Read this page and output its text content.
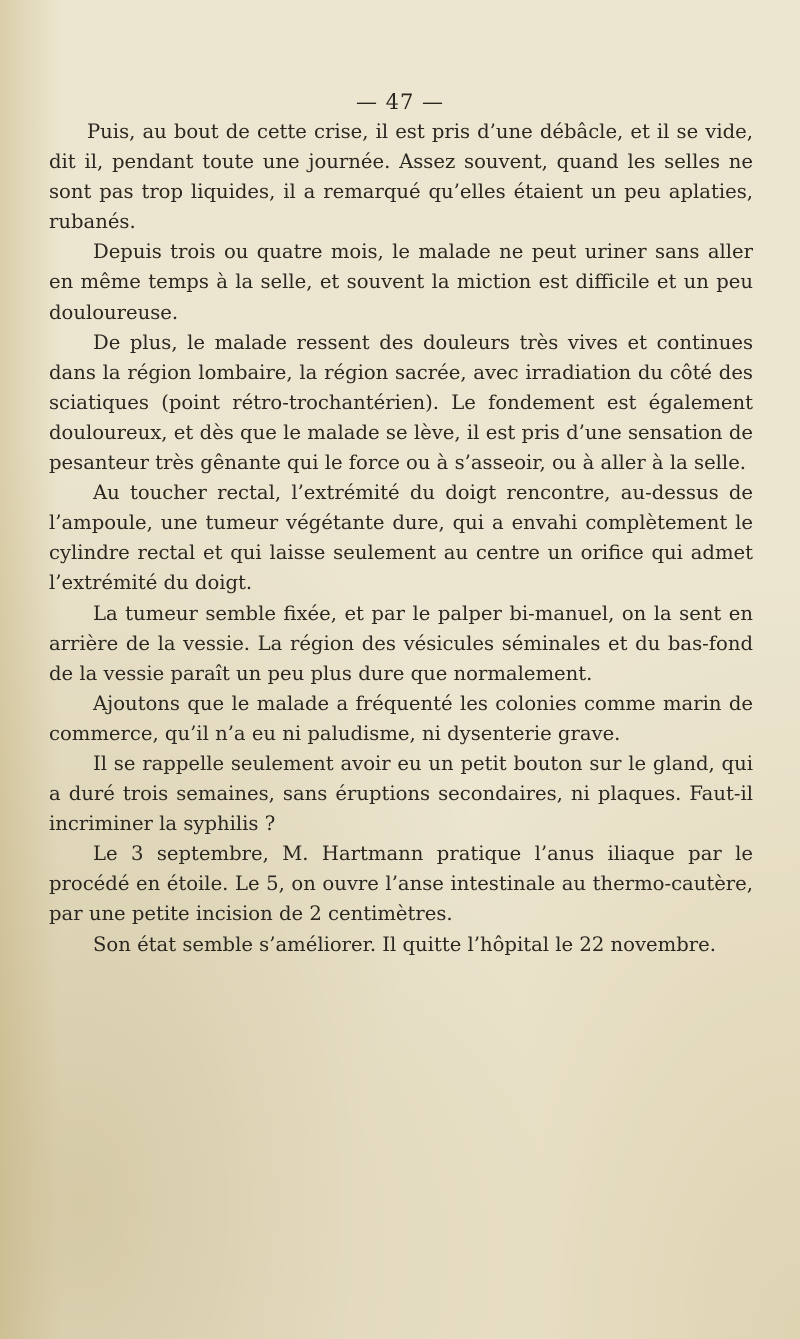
— 47 —

Puis, au bout de cette crise, il est pris d’une débâcle, et il se vide, dit il, pendant toute une journée. Assez souvent, quand les selles ne sont pas trop liquides, il a remarqué qu’elles étaient un peu aplaties, rubanés.

Depuis trois ou quatre mois, le malade ne peut uriner sans aller en même temps à la selle, et souvent la miction est difficile et un peu douloureuse.

De plus, le malade ressent des douleurs très vives et continues dans la région lombaire, la région sacrée, avec irradiation du côté des sciatiques (point rétro-trochantérien). Le fondement est également douloureux, et dès que le malade se lève, il est pris d’une sensation de pesanteur très gênante qui le force ou à s’asseoir, ou à aller à la selle.

Au toucher rectal, l’extrémité du doigt rencontre, au-dessus de l’ampoule, une tumeur végétante dure, qui a envahi complètement le cylindre rectal et qui laisse seulement au centre un orifice qui admet l’extrémité du doigt.

La tumeur semble fixée, et par le palper bi-manuel, on la sent en arrière de la vessie. La région des vésicules séminales et du bas-fond de la vessie paraît un peu plus dure que normalement.

Ajoutons que le malade a fréquenté les colonies comme marin de commerce, qu’il n’a eu ni paludisme, ni dysenterie grave.

Il se rappelle seulement avoir eu un petit bouton sur le gland, qui a duré trois semaines, sans éruptions secondaires, ni plaques. Faut-il incriminer la syphilis ?

Le 3 septembre, M. Hartmann pratique l’anus iliaque par le procédé en étoile. Le 5, on ouvre l’anse intestinale au thermo-cautère, par une petite incision de 2 centimètres.

Son état semble s’améliorer. Il quitte l’hôpital le 22 novembre.
